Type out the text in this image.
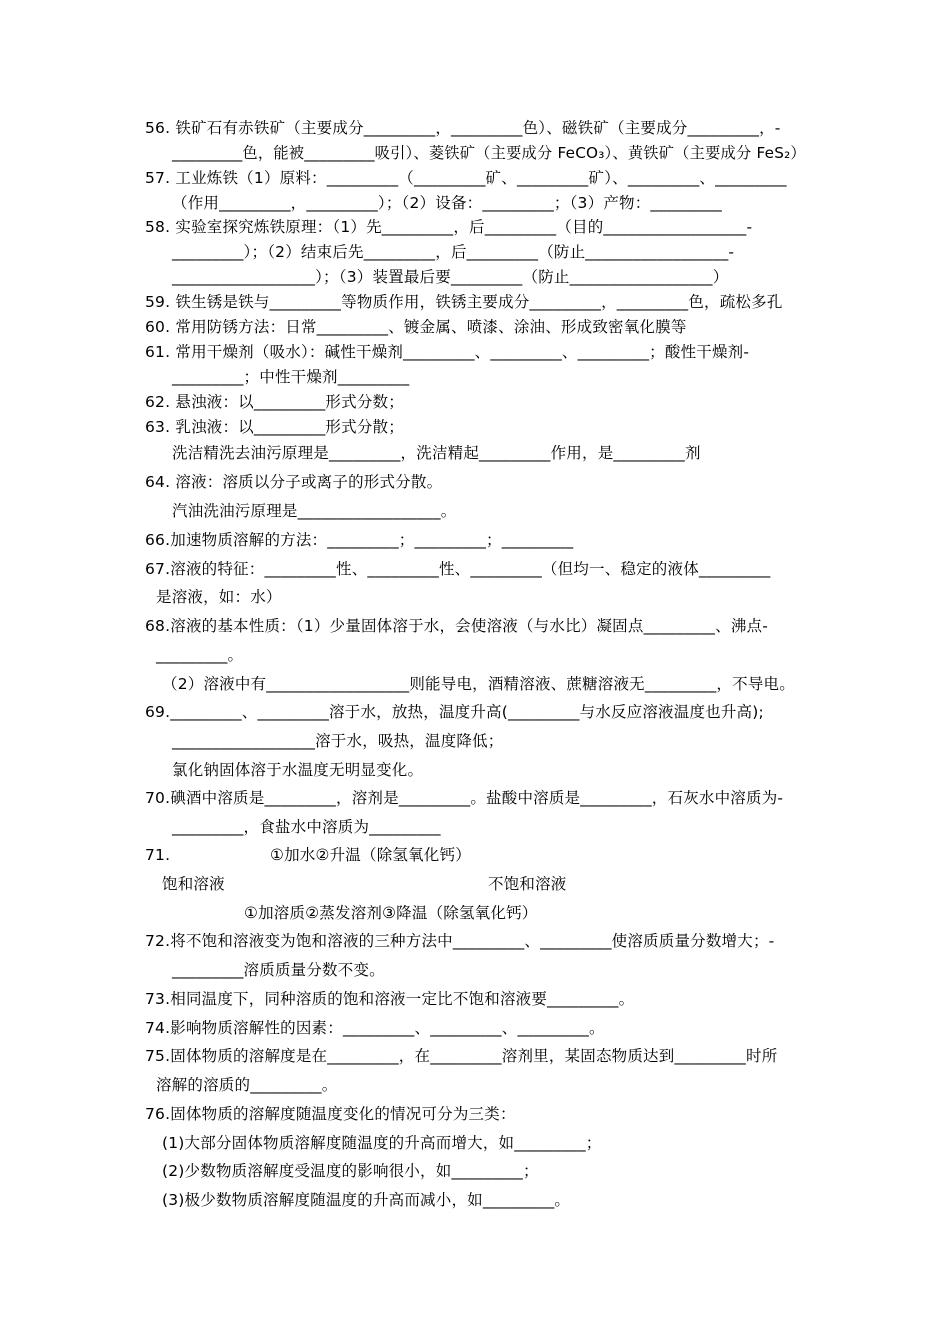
56. 铁矿石有赤铁矿（主要成分_________，_________色）、磁铁矿（主要成分_________，-
_________色，能被_________吸引）、菱铁矿（主要成分 FeCO₃）、黄铁矿（主要成分 FeS₂）
57. 工业炼铁（1）原料：_________（_________矿、_________矿）、_________、_________
（作用_________，_________）；（2）设备：_________；（3）产物：_________
58. 实验室探究炼铁原理：（1）先_________，后_________（目的__________________-
_________）；（2）结束后先_________，后_________（防止__________________-
__________________）；（3）装置最后要_________（防止__________________）
59. 铁生锈是铁与_________等物质作用，铁锈主要成分_________，_________色，疏松多孔
60. 常用防锈方法：日常_________、镀金属、喷漆、涂油、形成致密氧化膜等
61. 常用干燥剂（吸水）：碱性干燥剂_________、_________、_________；酸性干燥剂-
_________；中性干燥剂_________
62. 悬浊液：以_________形式分数；
63. 乳浊液：以_________形式分散；
洗洁精洗去油污原理是_________，洗洁精起_________作用，是_________剂
64. 溶液：溶质以分子或离子的形式分散。
汽油洗油污原理是__________________。
66.加速物质溶解的方法：_________；_________；_________
67.溶液的特征：_________性、_________性、_________（但均一、稳定的液体_________
是溶液，如：水）
68.溶液的基本性质：（1）少量固体溶于水，会使溶液（与水比）凝固点_________、沸点-
_________。
（2）溶液中有__________________则能导电，酒精溶液、蔗糖溶液无_________，不导电。
69._________、_________溶于水，放热，温度升高(_________与水反应溶液温度也升高);
__________________溶于水，吸热，温度降低；
氯化钠固体溶于水温度无明显变化。
70.碘酒中溶质是_________，溶剂是_________。盐酸中溶质是_________，石灰水中溶质为-
_________，食盐水中溶质为_________
71.	①加水②升温（除氢氧化钙）
饱和溶液	不饱和溶液
①加溶质②蒸发溶剂③降温（除氢氧化钙）
72.将不饱和溶液变为饱和溶液的三种方法中_________、_________使溶质质量分数增大；-
_________溶质质量分数不变。
73.相同温度下，同种溶质的饱和溶液一定比不饱和溶液要_________。
74.影响物质溶解性的因素：_________、_________、_________。
75.固体物质的溶解度是在_________，在_________溶剂里，某固态物质达到_________时所
溶解的溶质的_________。
76.固体物质的溶解度随温度变化的情况可分为三类：
(1)大部分固体物质溶解度随温度的升高而增大，如_________；
(2)少数物质溶解度受温度的影响很小，如_________；
(3)极少数物质溶解度随温度的升高而减小，如_________。
